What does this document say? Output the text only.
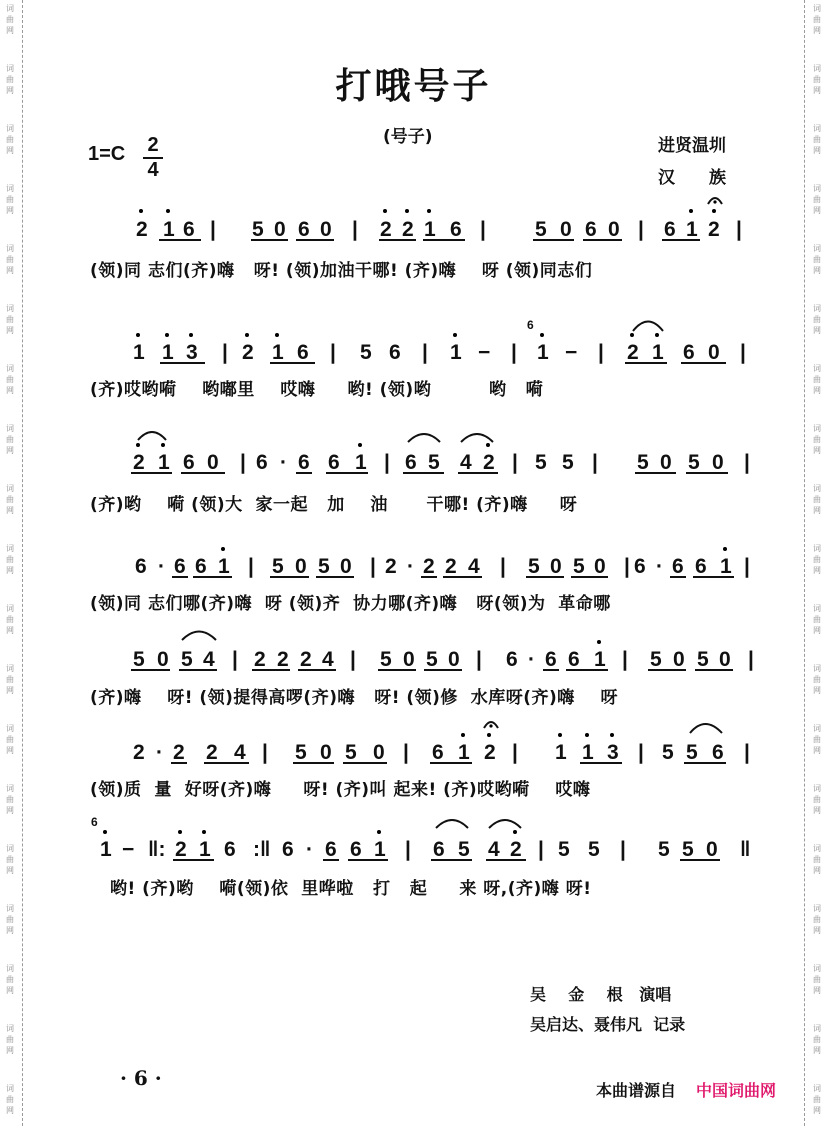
词
曲
网
词
曲
网
词
曲
网
词
曲
网
词
曲
网
词
曲
网
词
曲
网
词
曲
网
词
曲
网
词
曲
网
词
曲
网
词
曲
网
词
曲
网
词
曲
网
词
曲
网
词
曲
网
词
曲
网
词
曲
网
词
曲
网
词
曲
网
词
曲
网
词
曲
网
词
曲
网
词
曲
网
词
曲
网
词
曲
网
词
曲
网
词
曲
网
词
曲
网
词
曲
网
词
曲
网
词
曲
网
词
曲
网
词
曲
网
词
曲
网
词
曲
网
词
曲
网
词
曲
网
打哦号子
(号子)
$1=C \frac{2}{4}$	进贤温圳
汉　　族
2 1 6 | 5 0 6 0 | 2 2 1 6 | 5 0 6 0 | 6 1 2 |
1 1 3 | 2 1 6 | 5 6 | 1 − | 1 − | 2 1 6 0 |
6
2 1 6 0 | 6 · 6 6 1 | 6 5 4 2 | 5 5 | 5 0 5 0 |
6 · 6 6 1 | 5 0 5 0 | 2 · 2 2 4 | 5 0 5 0 | 6 · 6 6 1 |
5 0 5 4 | 2 2 2 4 | 5 0 5 0 | 6 · 6 6 1 | 5 0 5 0 |
2 · 2 2 4 | 5 0 5 0 | 6 1 2 | 1 1 3 | 5 5 6 |
1 − ‖: 2 1 6 :‖ 6 · 6 6 1 | 6 5 4 2 | 5 5 | 5 5 0 ‖
6
(领)同 志们(齐)嗨   呀! (领)加油干哪! (齐)嗨    呀 (领)同志们
(齐)哎哟嗬    哟嘟里    哎嗨     哟! (领)哟         哟   嗬
(齐)哟    嗬 (领)大  家一起   加    油      干哪! (齐)嗨     呀
(领)同 志们哪(齐)嗨  呀 (领)齐  协力哪(齐)嗨   呀(领)为  革命哪
(齐)嗨    呀! (领)提得高啰(齐)嗨   呀! (领)修  水库呀(齐)嗨    呀
(领)质  量  好呀(齐)嗨     呀! (齐)叫 起来! (齐)哎哟嗬    哎嗨
哟! (齐)哟    嗬(领)依  里哗啦   打   起     来 呀,(齐)嗨 呀!
吴    金    根   演唱
吴启达、聂伟凡  记录
· 6 ·
本曲谱源自 中国词曲网
